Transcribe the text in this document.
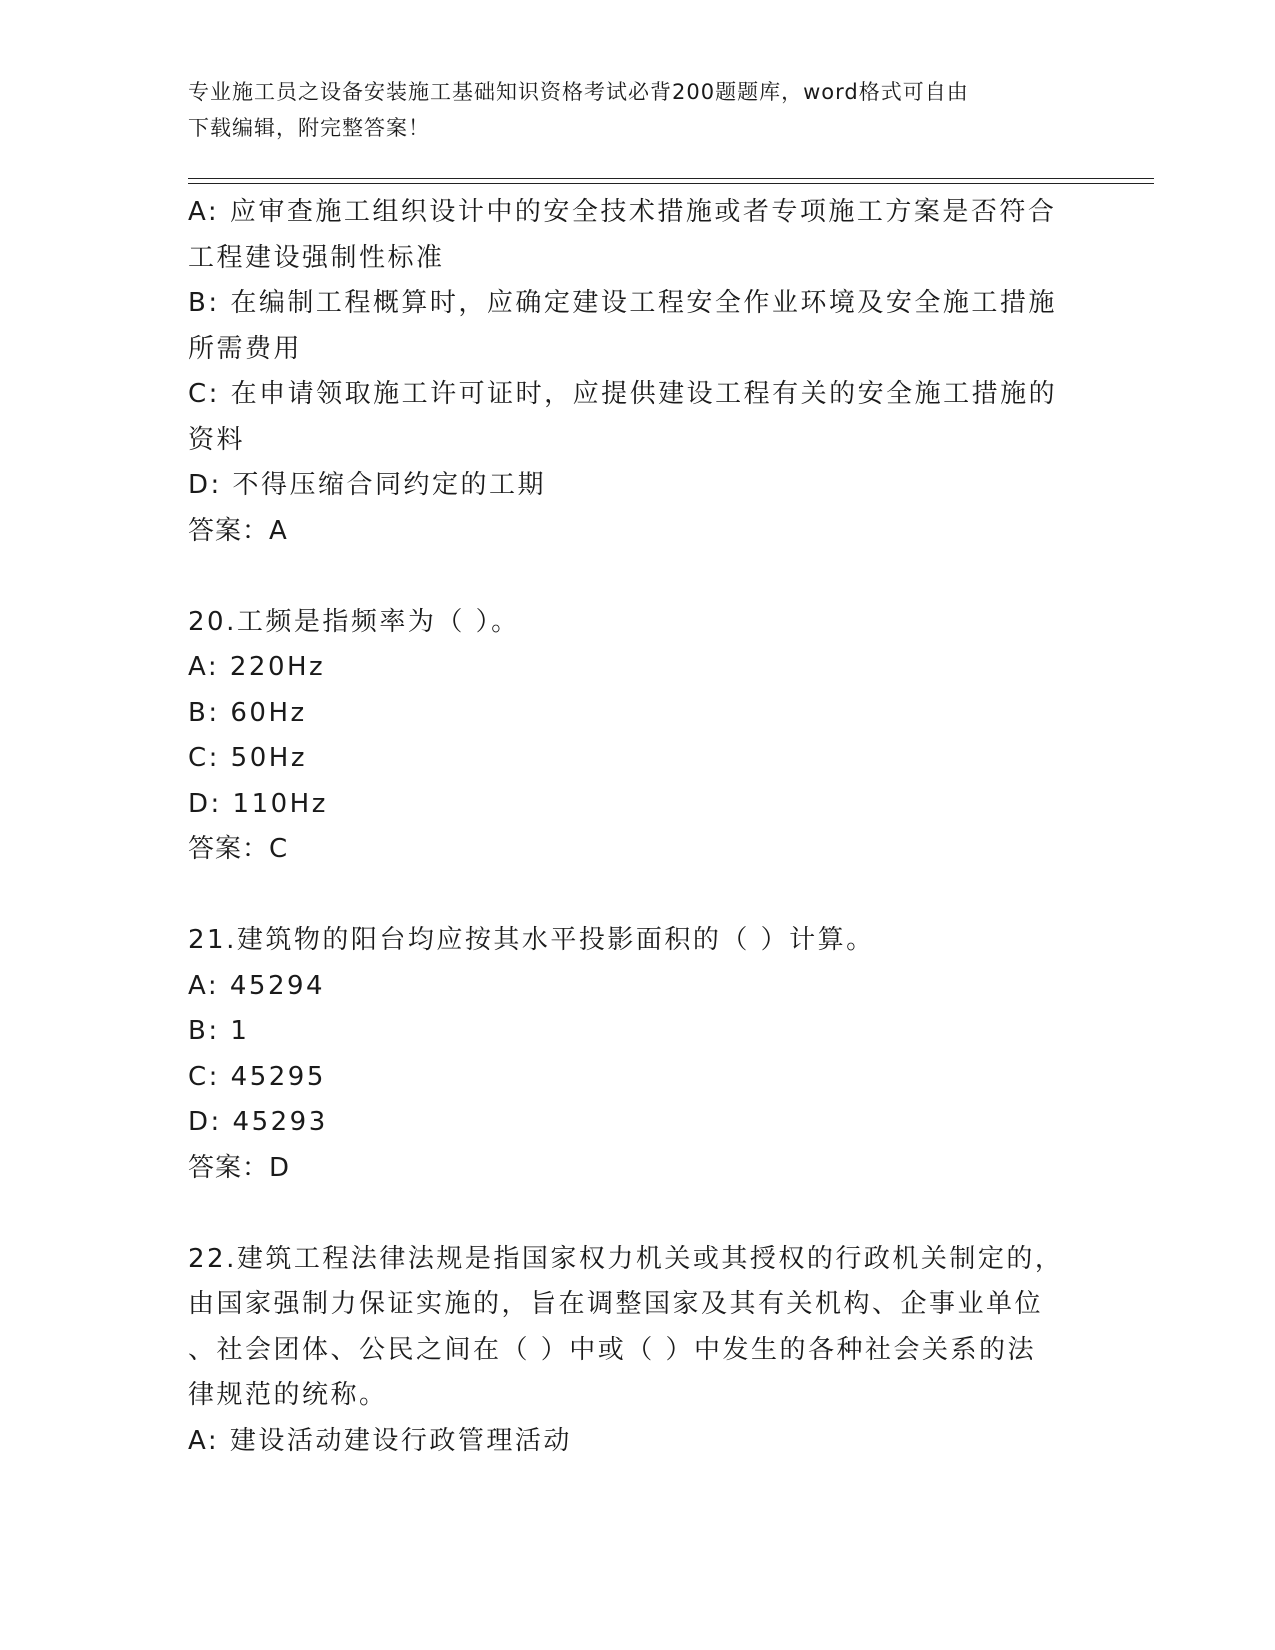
专业施工员之设备安装施工基础知识资格考试必背200题题库，word格式可自由
下载编辑，附完整答案！
A: 应审查施工组织设计中的安全技术措施或者专项施工方案是否符合
工程建设强制性标准
B: 在编制工程概算时，应确定建设工程安全作业环境及安全施工措施
所需费用
C: 在申请领取施工许可证时，应提供建设工程有关的安全施工措施的
资料
D: 不得压缩合同约定的工期
答案：A
20.工频是指频率为（ ）。
A: 220Hz
B: 60Hz
C: 50Hz
D: 110Hz
答案：C
21.建筑物的阳台均应按其水平投影面积的（ ）计算。
A: 45294
B: 1
C: 45295
D: 45293
答案：D
22.建筑工程法律法规是指国家权力机关或其授权的行政机关制定的，
由国家强制力保证实施的，旨在调整国家及其有关机构、企事业单位
、社会团体、公民之间在（ ）中或（ ）中发生的各种社会关系的法
律规范的统称。
A: 建设活动建设行政管理活动
